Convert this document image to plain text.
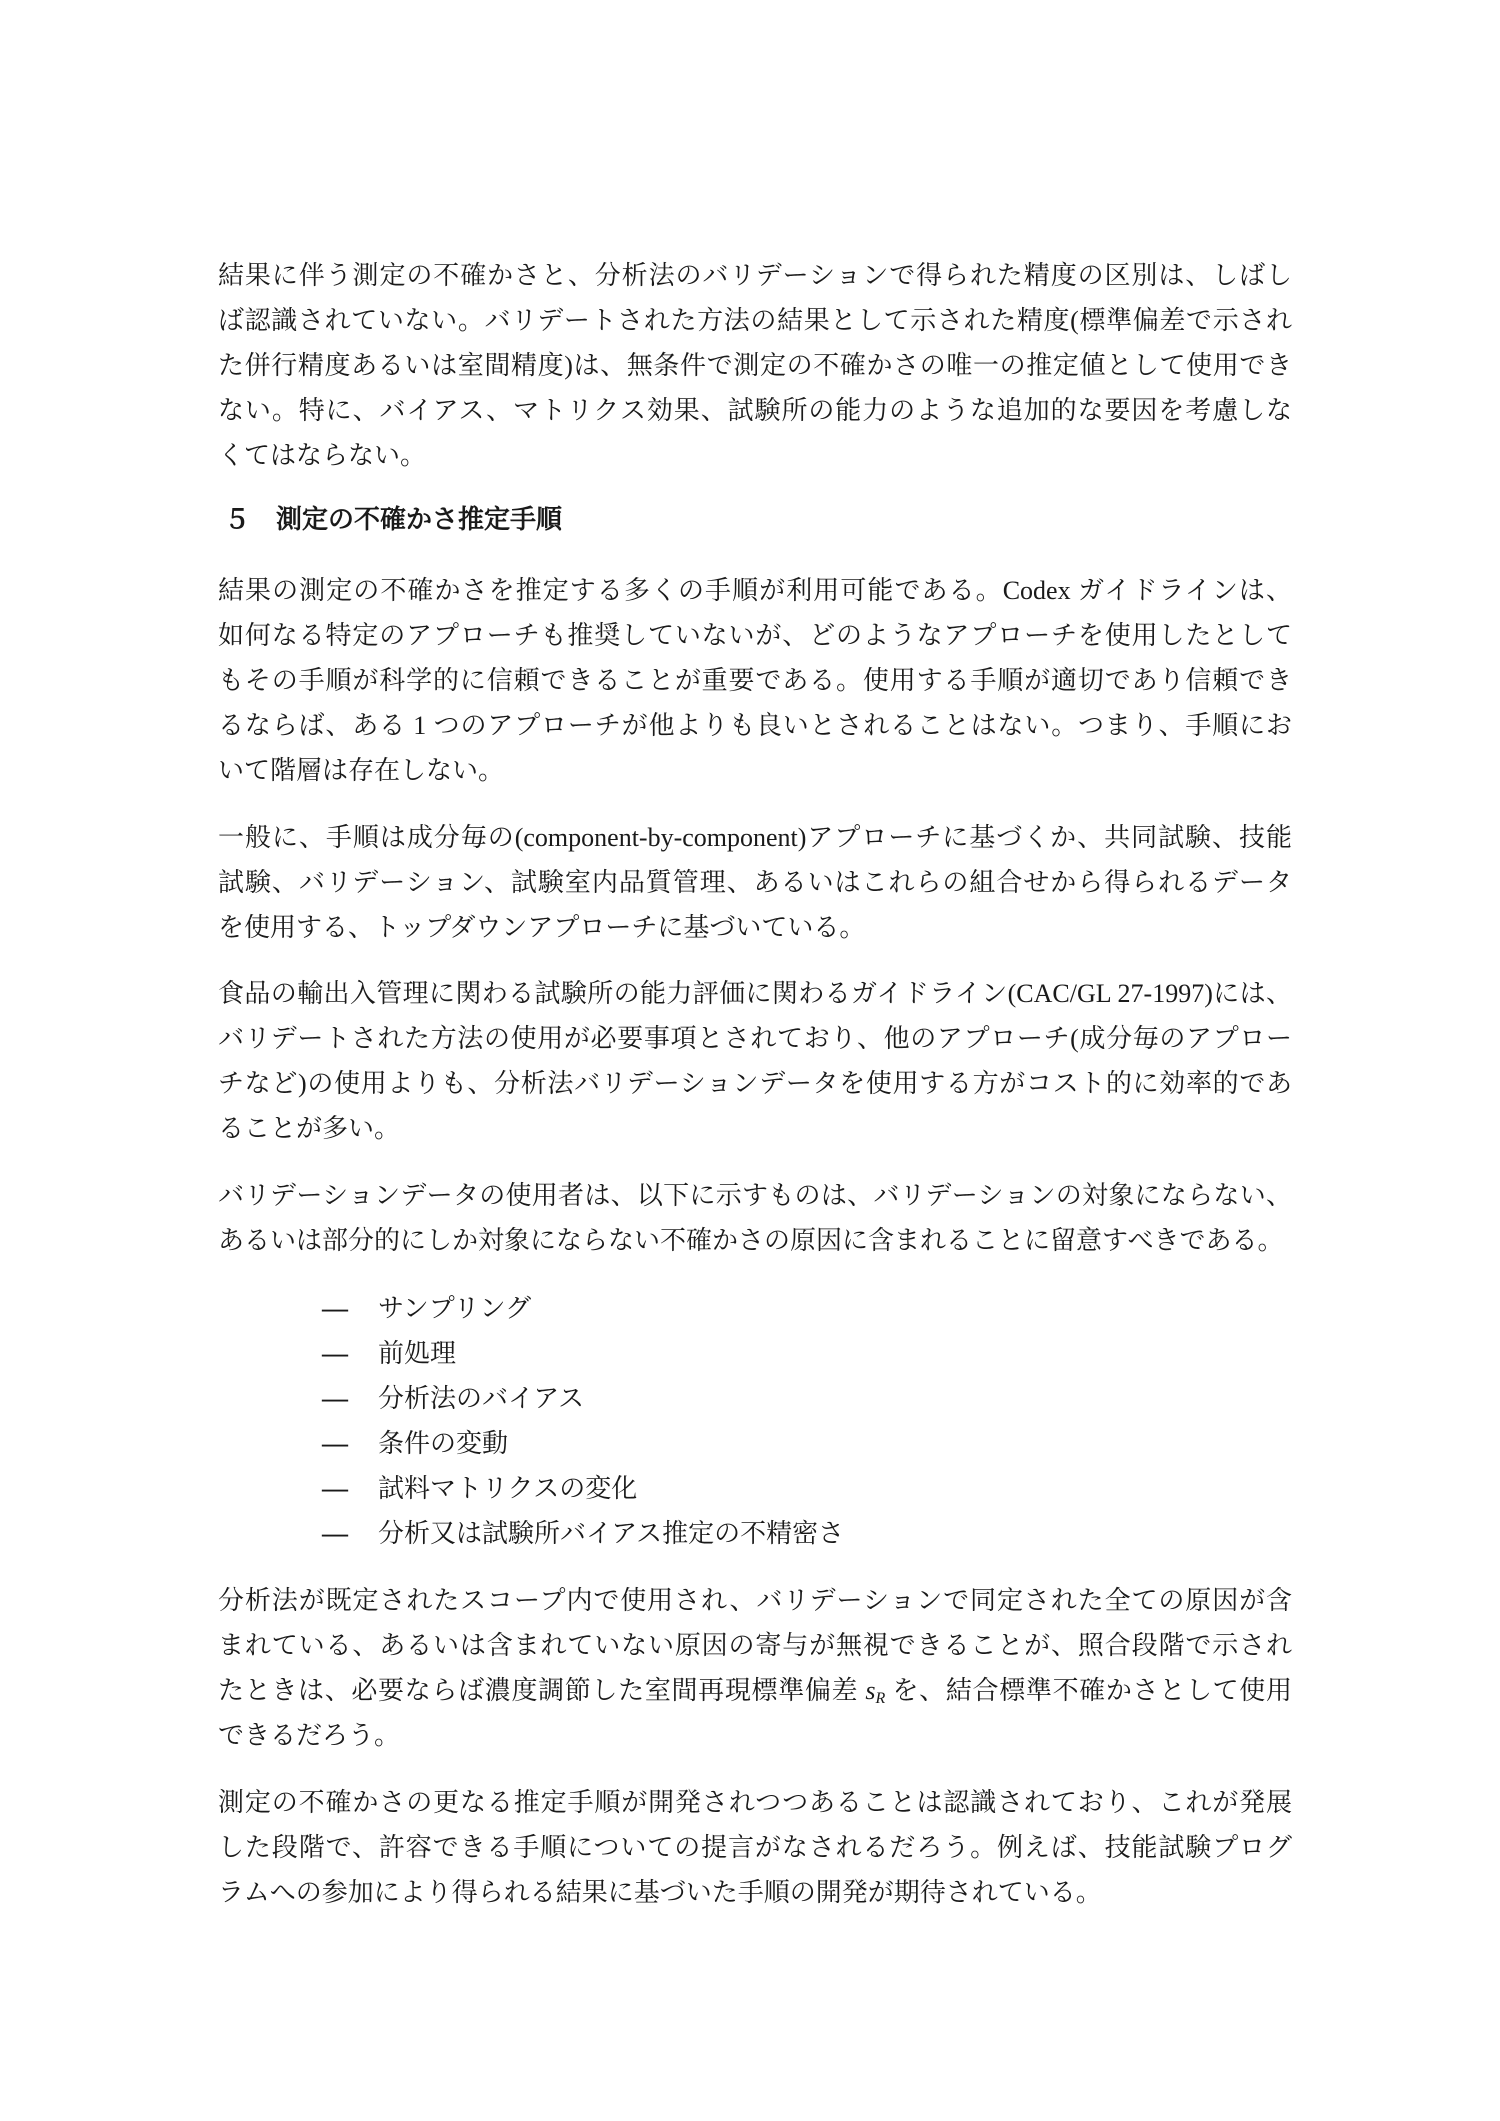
結果に伴う測定の不確かさと、分析法のバリデーションで得られた精度の区別は、しばし
ば認識されていない。バリデートされた方法の結果として示された精度(標準偏差で示され
た併行精度あるいは室間精度)は、無条件で測定の不確かさの唯一の推定値として使用でき
ない。特に、バイアス、マトリクス効果、試験所の能力のような追加的な要因を考慮しな
くてはならない。
５ 測定の不確かさ推定手順
結果の測定の不確かさを推定する多くの手順が利用可能である。Codex ガイドラインは、
如何なる特定のアプローチも推奨していないが、どのようなアプローチを使用したとして
もその手順が科学的に信頼できることが重要である。使用する手順が適切であり信頼でき
るならば、ある 1 つのアプローチが他よりも良いとされることはない。つまり、手順にお
いて階層は存在しない。
一般に、手順は成分毎の(component-by-component)アプローチに基づくか、共同試験、技能
試験、バリデーション、試験室内品質管理、あるいはこれらの組合せから得られるデータ
を使用する、トップダウンアプローチに基づいている。
食品の輸出入管理に関わる試験所の能力評価に関わるガイドライン(CAC/GL 27-1997)には、
バリデートされた方法の使用が必要事項とされており、他のアプローチ(成分毎のアプロー
チなど)の使用よりも、分析法バリデーションデータを使用する方がコスト的に効率的であ
ることが多い。
バリデーションデータの使用者は、以下に示すものは、バリデーションの対象にならない、
あるいは部分的にしか対象にならない不確かさの原因に含まれることに留意すべきである。
— サンプリング
— 前処理
— 分析法のバイアス
— 条件の変動
— 試料マトリクスの変化
— 分析又は試験所バイアス推定の不精密さ
分析法が既定されたスコープ内で使用され、バリデーションで同定された全ての原因が含
まれている、あるいは含まれていない原因の寄与が無視できることが、照合段階で示され
たときは、必要ならば濃度調節した室間再現標準偏差 $s_R$ を、結合標準不確かさとして使用
できるだろう。
測定の不確かさの更なる推定手順が開発されつつあることは認識されており、これが発展
した段階で、許容できる手順についての提言がなされるだろう。例えば、技能試験プログ
ラムへの参加により得られる結果に基づいた手順の開発が期待されている。
